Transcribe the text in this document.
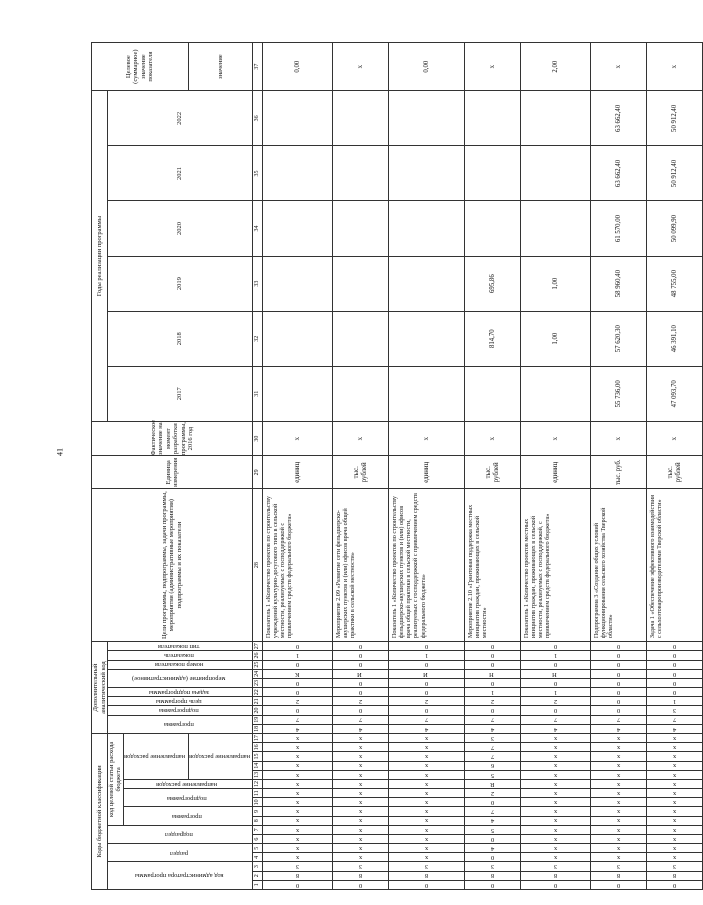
41
Коды бюджетной классификации																	Дополнительный аналитический код										Цели программы, подпрограммы, задачи программы, мероприятия (административные мероприятия) подпрограммы и их показатели	Единица измерения	Фактическое значение на момент разработки программы, 2016 год	Годы реализации программы						Целевое (суммарное) значение показателя
код администратора программы			раздел		подраздел		код целевой статьи расхода бюджета										программа		подпрограмма	цель программы	задача подпрограммы	мероприятие (административное)		номер показателя	показатель	тип показателя				2017	2018	2019	2020	2021	2022	
							программа		подпрограмма		направление расходов	направление расходов																								
												направление расходов																								значение
1	2	3	4	5	6	7	8	9	10	11	12	13	14	15	16	17	18	19	20	21	22	23	24	25	26	27	28	29	30	31	32	33	34	35	36	37
0	8	3	х	х	х	х	х	х	х	х	х	х	х	х	х	х	4	7	0	2	0	0	К	0	1	0	Показатель 1 «Количество проектов по строительству учреждений культурно-досугового типа в сельской местности, реализуемых с господдержкой с привлечением средств федерального бюджета»	единиц	х							0,00
0	8	3	х	х	х	х	х	х	х	х	х	х	х	х	х	х	4	7	0	2	0	0	И	0	0	0	Мероприятие 2.09 «Развитие сети фельдшерско-акушерских пунктов и (или) офисов врача общей практики в сельской местности»	тыс. рублей	х							х
0	8	3	х	х	х	х	х	х	х	х	х	х	х	х	х	х	4	7	0	2	0	0	И	0	1	0	Показатель 1 «Количество проектов по строительству фельдшерско-акушерских пунктов и (или) офисов врача общей практики в сельской местности, реализуемых с господдержкой с привлечением средств федерального бюджета»	единиц	х							0,00
0	8	3	0	4	0	5	4	7	0	2	R	5	6	7	7	3	4	7	0	2	1	0	Н	0	0	0	Мероприятие 2.10 «Грантовая поддержка местных инициатив граждан, проживающих в сельской местности»	тыс. рублей	х		814,70	695,86				х
0	8	3	х	х	х	х	х	х	х	х	х	х	х	х	х	х	4	7	0	2	1	0	Н	0	1	0	Показатель 1 «Количество проектов местных инициатив граждан, проживающих в сельской местности, реализуемых с господдержкой, с привлечением средств федерального бюджета»	единиц	х		1,00	1,00				2,00
0	8	3	х	х	х	х	х	х	х	х	х	х	х	х	х	х	4	7	0	0	0	0	0	0	0	0	Подпрограмма 3 «Создание общих условий функционирования сельского хозяйства Тверской области»	тыс. руб.	х	55 736,00	57 620,30	58 960,40	61 570,00	63 662,40	63 662,40	х
0	8	3	х	х	х	х	х	х	х	х	х	х	х	х	х	х	4	7	3	1	0	0	0	0	0	0	Задача 1 «Обеспечение эффективного взаимодействия с сельхозтоваропроизводителями Тверской области»	тыс. рублей	х	47 093,70	46 391,10	48 755,00	50 099,90	50 912,40	50 912,40	х
